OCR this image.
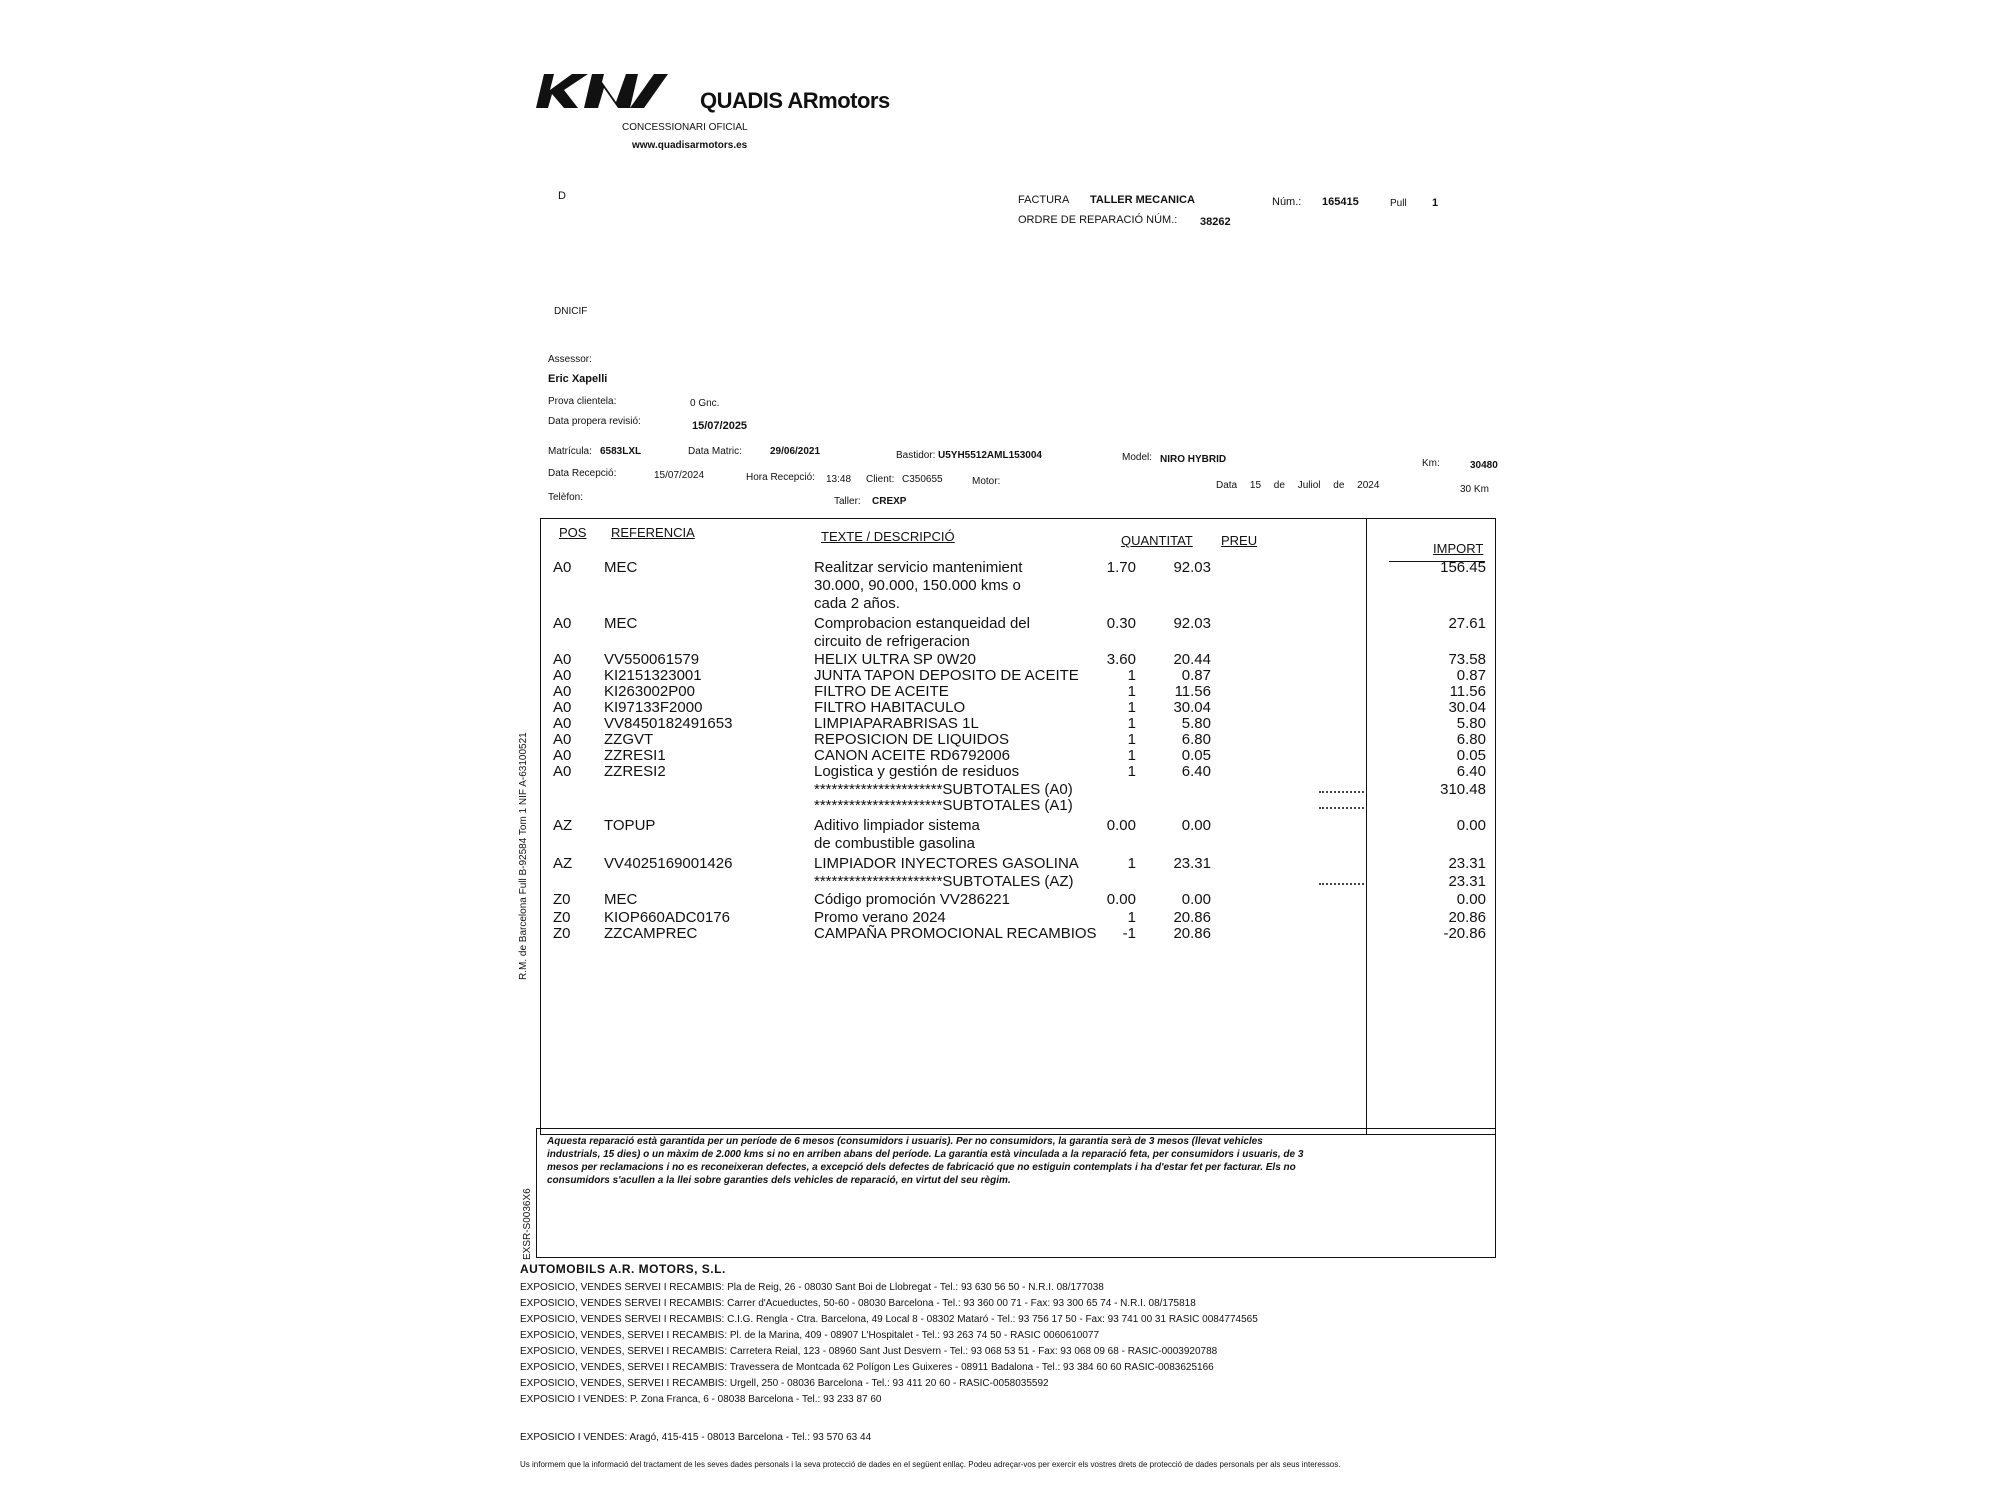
QUADIS ARmotors
CONCESSIONARI OFICIAL
www.quadisarmotors.es
D	FACTURA TALLER MECANICA	Núm.: 165415	Pull 1
ORDRE DE REPARACIÓ NÚM.: 38262
DNICIF
Assessor:
Eric Xapelli
Prova clientela:	0 Gnc.
Data propera revisió:	15/07/2025
Matrícula: 6583LXL	Data Matric:	29/06/2021	Bastidor: U5YH5512AML153004	Model: NIRO HYBRID	Km:	30480
Data Recepció:	15/07/2024	Hora Recepció: 13:48 Client: C350655	Motor:	Data 15 de Juliol de 2024	30 Km
Telèfon:	Taller: CREXP
POS REFERENCIA	TEXTE / DESCRIPCIÓ	QUANTITAT PREU
IMPORT
A0 MEC	Realitzar servicio mantenimient	1.70	92.03	156.45
30.000, 90.000, 150.000 kms o
cada 2 años.
A0 MEC	Comprobacion estanqueidad del	0.30	92.03	27.61
circuito de refrigeracion
A0 VV550061579	HELIX ULTRA SP 0W20	3.60	20.44	73.58
A0 KI2151323001	JUNTA TAPON DEPOSITO DE ACEITE	1	0.87	0.87
A0 KI263002P00	FILTRO DE ACEITE	1	11.56	11.56
A0 KI97133F2000	FILTRO HABITACULO	1	30.04	30.04
A0 VV8450182491653	LIMPIAPARABRISAS 1L	1	5.80	5.80
A0 ZZGVT	REPOSICION DE LIQUIDOS	1	6.80	6.80
A0 ZZRESI1	CANON ACEITE RD6792006	1	0.05	0.05
A0 ZZRESI2	Logistica y gestión de residuos	1	6.40	6.40
**********************SUBTOTALES (A0)	310.48
**********************SUBTOTALES (A1)
AZ TOPUP	Aditivo limpiador sistema	0.00	0.00	0.00
de combustible gasolina
AZ VV4025169001426	LIMPIADOR INYECTORES GASOLINA	1	23.31	23.31
**********************SUBTOTALES (AZ)	23.31
Z0 MEC	Código promoción VV286221	0.00	0.00	0.00
Z0 KIOP660ADC0176	Promo verano 2024	1	20.86	20.86
Z0 ZZCAMPREC	CAMPAÑA PROMOCIONAL RECAMBIOS	-1	20.86	-20.86
Aquesta reparació està garantida per un període de 6 mesos (consumidors i usuaris). Per no consumidors, la garantia serà de 3 mesos (llevat vehicles industrials, 15 dies) o un màxim de 2.000 kms si no en arriben abans del període. La garantia està vinculada a la reparació feta, per consumidors i usuaris, de 3 mesos per reclamacions i no es reconeixeran defectes, a excepció dels defectes de fabricació que no estiguin contemplats i ha d'estar fet per facturar. Els no consumidors s'acullen a la llei sobre garanties dels vehicles de reparació, en virtut del seu règim.
R.M. de Barcelona Full B-92584 Tom 1 NIF A-63100521
EXSR-S0036X6
AUTOMOBILS A.R. MOTORS, S.L.
EXPOSICIÓ, VENDES SERVEI I RECAMBIS: Pla de Reig, 26 - 08030 Sant Boi de Llobregat - Tel.: 93 630 56 50 - N.R.I. 08/177038
EXPOSICIÓ, VENDES SERVEI I RECAMBIS: Carrer d'Acueductes, 50-60 - 08030 Barcelona - Tel.: 93 360 00 71 - Fax: 93 300 65 74 - N.R.I. 08/175818
EXPOSICIÓ, VENDES SERVEI I RECAMBIS: C.I.G. Rengla - Ctra. Barcelona, 49 Local 8 - 08302 Mataró - Tel.: 93 756 17 50 - Fax: 93 741 00 31 RASIC 0084774565
EXPOSICIÓ, VENDES, SERVEI I RECAMBIS: Pl. de la Marina, 409 - 08907 L'Hospitalet - Tel.: 93 263 74 50 - RASIC 0060610077
EXPOSICIÓ, VENDES, SERVEI I RECAMBIS: Carretera Reial, 123 - 08960 Sant Just Desvern - Tel.: 93 068 53 51 - Fax: 93 068 09 68 - RASIC-0003920788
EXPOSICIÓ, VENDES, SERVEI I RECAMBIS: Travessera de Montcada 62 Polígon Les Guixeres - 08911 Badalona - Tel.: 93 384 60 60 RASIC-0083625166
EXPOSICIÓ, VENDES, SERVEI I RECAMBIS: Urgell, 250 - 08036 Barcelona - Tel.: 93 411 20 60 - RASIC-0058035592
EXPOSICIÓ I VENDES: P. Zona Franca, 6 - 08038 Barcelona - Tel.: 93 233 87 60
EXPOSICIÓ I VENDES: Aragó, 415-415 - 08013 Barcelona - Tel.: 93 570 63 44
Us informem que la informació del tractament de les seves dades personals i la seva protecció de dades en el següent enllaç. Podeu adreçar-vos per exercir els vostres drets de protecció de dades personals per als seus interessos.
